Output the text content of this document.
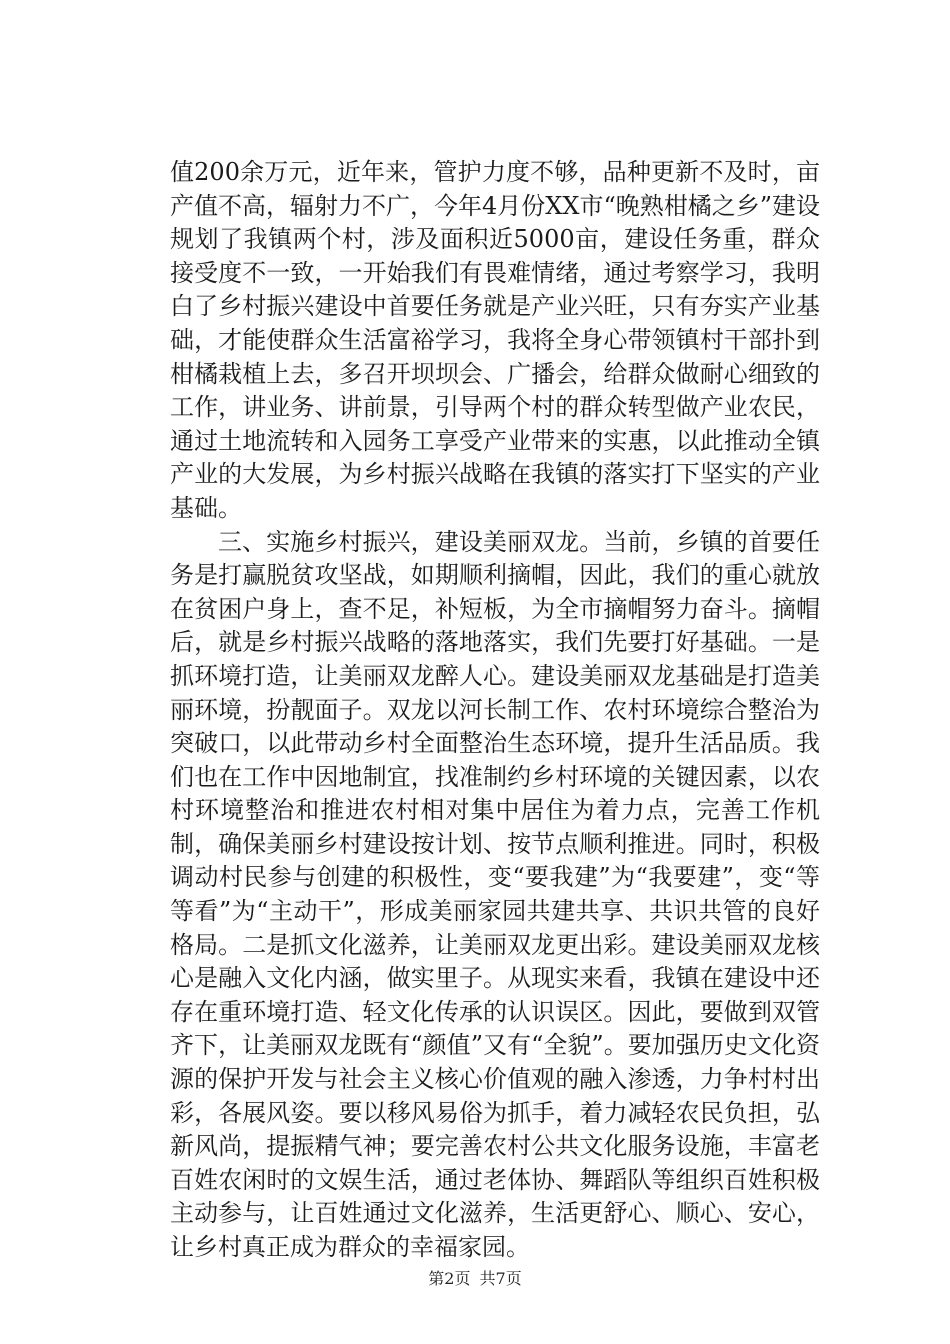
值200余万元，近年来，管护力度不够，品种更新不及时，亩产值不高，辐射力不广，今年4月份XX市“晚熟柑橘之乡”建设规划了我镇两个村，涉及面积近5000亩，建设任务重，群众接受度不一致，一开始我们有畏难情绪，通过考察学习，我明白了乡村振兴建设中首要任务就是产业兴旺，只有夯实产业基础，才能使群众生活富裕学习，我将全身心带领镇村干部扑到柑橘栽植上去，多召开坝坝会、广播会，给群众做耐心细致的工作，讲业务、讲前景，引导两个村的群众转型做产业农民，通过土地流转和入园务工享受产业带来的实惠，以此推动全镇产业的大发展，为乡村振兴战略在我镇的落实打下坚实的产业基础。

三、实施乡村振兴，建设美丽双龙。当前，乡镇的首要任务是打赢脱贫攻坚战，如期顺利摘帽，因此，我们的重心就放在贫困户身上，查不足，补短板，为全市摘帽努力奋斗。摘帽后，就是乡村振兴战略的落地落实，我们先要打好基础。一是抓环境打造，让美丽双龙醉人心。建设美丽双龙基础是打造美丽环境，扮靓面子。双龙以河长制工作、农村环境综合整治为突破口，以此带动乡村全面整治生态环境，提升生活品质。我们也在工作中因地制宜，找准制约乡村环境的关键因素，以农村环境整治和推进农村相对集中居住为着力点，完善工作机制，确保美丽乡村建设按计划、按节点顺利推进。同时，积极调动村民参与创建的积极性，变“要我建”为“我要建”，变“等等看”为“主动干”，形成美丽家园共建共享、共识共管的良好格局。二是抓文化滋养，让美丽双龙更出彩。建设美丽双龙核心是融入文化内涵，做实里子。从现实来看，我镇在建设中还存在重环境打造、轻文化传承的认识误区。因此，要做到双管齐下，让美丽双龙既有“颜值”又有“全貌”。要加强历史文化资源的保护开发与社会主义核心价值观的融入渗透，力争村村出彩，各展风姿。要以移风易俗为抓手，着力减轻农民负担，弘新风尚，提振精气神；要完善农村公共文化服务设施，丰富老百姓农闲时的文娱生活，通过老体协、舞蹈队等组织百姓积极主动参与，让百姓通过文化滋养，生活更舒心、顺心、安心，让乡村真正成为群众的幸福家园。

第2页 共7页
